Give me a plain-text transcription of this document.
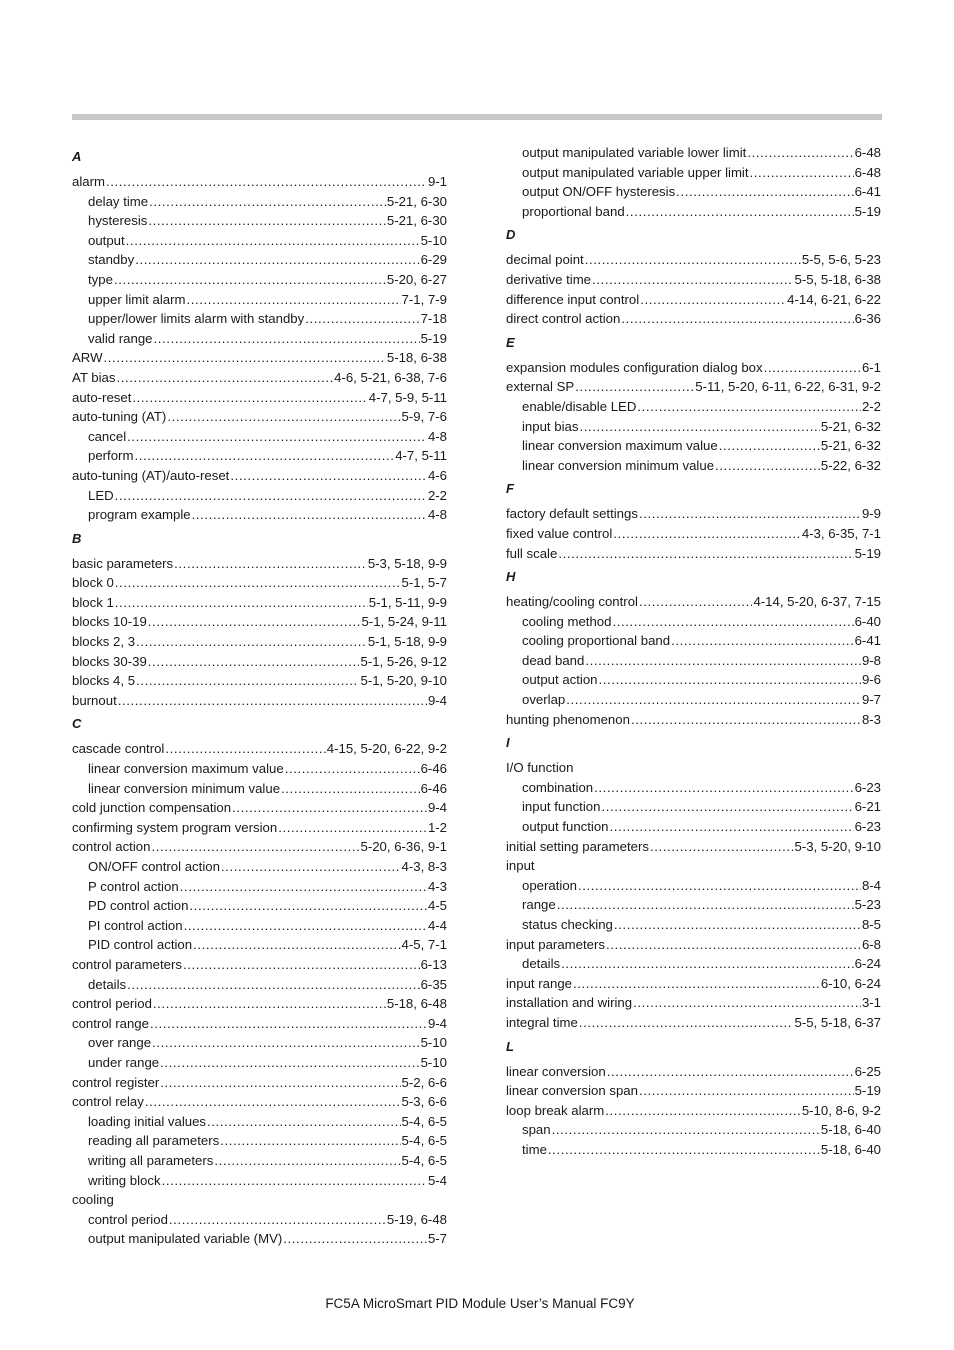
A
alarm .....	9-1
delay time .....	5-21, 6-30
hysteresis .....	5-21, 6-30
output .....	5-10
standby .....	6-29
type .....	5-20, 6-27
upper limit alarm .....	7-1, 7-9
upper/lower limits alarm with standby .....	7-18
valid range .....	5-19
ARW .....	5-18, 6-38
AT bias .....	4-6, 5-21, 6-38, 7-6
auto-reset .....	4-7, 5-9, 5-11
auto-tuning (AT) .....	5-9, 7-6
cancel .....	4-8
perform .....	4-7, 5-11
auto-tuning (AT)/auto-reset .....	4-6
LED .....	2-2
program example .....	4-8
B
basic parameters .....	5-3, 5-18, 9-9
block 0 .....	5-1, 5-7
block 1 .....	5-1, 5-11, 9-9
blocks 10-19 .....	5-1, 5-24, 9-11
blocks 2, 3 .....	5-1, 5-18, 9-9
blocks 30-39 .....	5-1, 5-26, 9-12
blocks 4, 5 .....	5-1, 5-20, 9-10
burnout .....	9-4
C
cascade control .....	4-15, 5-20, 6-22, 9-2
linear conversion maximum value .....	6-46
linear conversion minimum value .....	6-46
cold junction compensation .....	9-4
confirming system program version .....	1-2
control action .....	5-20, 6-36, 9-1
ON/OFF control action .....	4-3, 8-3
P control action .....	4-3
PD control action .....	4-5
PI control action .....	4-4
PID control action .....	4-5, 7-1
control parameters .....	6-13
details .....	6-35
control period .....	5-18, 6-48
control range .....	9-4
over range .....	5-10
under range .....	5-10
control register .....	5-2, 6-6
control relay .....	5-3, 6-6
loading initial values .....	5-4, 6-5
reading all parameters .....	5-4, 6-5
writing all parameters .....	5-4, 6-5
writing block .....	5-4
cooling
control period .....	5-19, 6-48
output manipulated variable (MV) .....	5-7
output manipulated variable lower limit .....	6-48
output manipulated variable upper limit .....	6-48
output ON/OFF hysteresis .....	6-41
proportional band .....	5-19
D
decimal point .....	5-5, 5-6, 5-23
derivative time .....	5-5, 5-18, 6-38
difference input control .....	4-14, 6-21, 6-22
direct control action .....	6-36
E
expansion modules configuration dialog box .....	6-1
external SP .....	5-11, 5-20, 6-11, 6-22, 6-31, 9-2
enable/disable LED .....	2-2
input bias .....	5-21, 6-32
linear conversion maximum value .....	5-21, 6-32
linear conversion minimum value .....	5-22, 6-32
F
factory default settings .....	9-9
fixed value control .....	4-3, 6-35, 7-1
full scale .....	5-19
H
heating/cooling control .....	4-14, 5-20, 6-37, 7-15
cooling method .....	6-40
cooling proportional band .....	6-41
dead band .....	9-8
output action .....	9-6
overlap .....	9-7
hunting phenomenon .....	8-3
I
I/O function
combination .....	6-23
input function .....	6-21
output function .....	6-23
initial setting parameters .....	5-3, 5-20, 9-10
input
operation .....	8-4
range .....	5-23
status checking .....	8-5
input parameters .....	6-8
details .....	6-24
input range .....	6-10, 6-24
installation and wiring .....	3-1
integral time .....	5-5, 5-18, 6-37
L
linear conversion .....	6-25
linear conversion span .....	5-19
loop break alarm .....	5-10, 8-6, 9-2
span .....	5-18, 6-40
time .....	5-18, 6-40
FC5A MicroSmart PID Module User’s Manual FC9Y
